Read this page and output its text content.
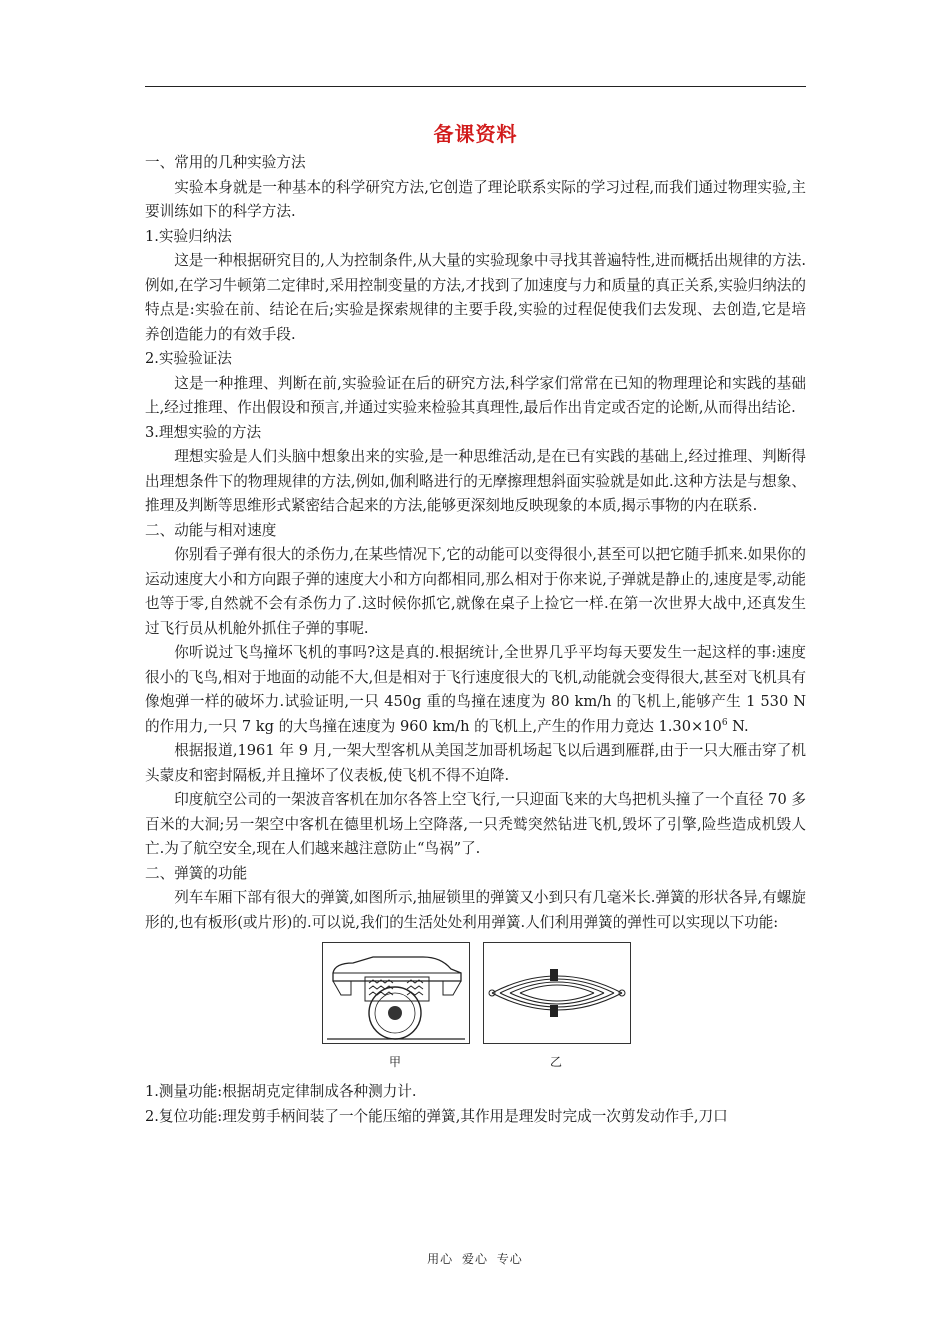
备课资料

一、常用的几种实验方法

实验本身就是一种基本的科学研究方法,它创造了理论联系实际的学习过程,而我们通过物理实验,主要训练如下的科学方法.

1.实验归纳法

这是一种根据研究目的,人为控制条件,从大量的实验现象中寻找其普遍特性,进而概括出规律的方法.例如,在学习牛顿第二定律时,采用控制变量的方法,才找到了加速度与力和质量的真正关系,实验归纳法的特点是:实验在前、结论在后;实验是探索规律的主要手段,实验的过程促使我们去发现、去创造,它是培养创造能力的有效手段.

2.实验验证法

这是一种推理、判断在前,实验验证在后的研究方法,科学家们常常在已知的物理理论和实践的基础上,经过推理、作出假设和预言,并通过实验来检验其真理性,最后作出肯定或否定的论断,从而得出结论.

3.理想实验的方法

理想实验是人们头脑中想象出来的实验,是一种思维活动,是在已有实践的基础上,经过推理、判断得出理想条件下的物理规律的方法,例如,伽利略进行的无摩擦理想斜面实验就是如此.这种方法是与想象、推理及判断等思维形式紧密结合起来的方法,能够更深刻地反映现象的本质,揭示事物的内在联系.

二、动能与相对速度

你别看子弹有很大的杀伤力,在某些情况下,它的动能可以变得很小,甚至可以把它随手抓来.如果你的运动速度大小和方向跟子弹的速度大小和方向都相同,那么相对于你来说,子弹就是静止的,速度是零,动能也等于零,自然就不会有杀伤力了.这时候你抓它,就像在桌子上捡它一样.在第一次世界大战中,还真发生过飞行员从机舱外抓住子弹的事呢.

你听说过飞鸟撞坏飞机的事吗?这是真的.根据统计,全世界几乎平均每天要发生一起这样的事:速度很小的飞鸟,相对于地面的动能不大,但是相对于飞行速度很大的飞机,动能就会变得很大,甚至对飞机具有像炮弹一样的破坏力.试验证明,一只 450g 重的鸟撞在速度为 80 km/h 的飞机上,能够产生 1 530 N 的作用力,一只 7 kg 的大鸟撞在速度为 960 km/h 的飞机上,产生的作用力竟达 $1.30\times 10^6$ N.

根据报道,1961 年 9 月,一架大型客机从美国芝加哥机场起飞以后遇到雁群,由于一只大雁击穿了机头蒙皮和密封隔板,并且撞坏了仪表板,使飞机不得不迫降.

印度航空公司的一架波音客机在加尔各答上空飞行,一只迎面飞来的大鸟把机头撞了一个直径 70 多百米的大洞;另一架空中客机在德里机场上空降落,一只秃鹫突然钻进飞机,毁坏了引擎,险些造成机毁人亡.为了航空安全,现在人们越来越注意防止“鸟祸”了.

二、弹簧的功能

列车车厢下部有很大的弹簧,如图所示,抽屉锁里的弹簧又小到只有几毫米长.弹簧的形状各异,有螺旋形的,也有板形(或片形)的.可以说,我们的生活处处利用弹簧.人们利用弹簧的弹性可以实现以下功能:

甲	乙

1.测量功能:根据胡克定律制成各种测力计.

2.复位功能:理发剪手柄间装了一个能压缩的弹簧,其作用是理发时完成一次剪发动作手,刀口

用心 爱心 专心
